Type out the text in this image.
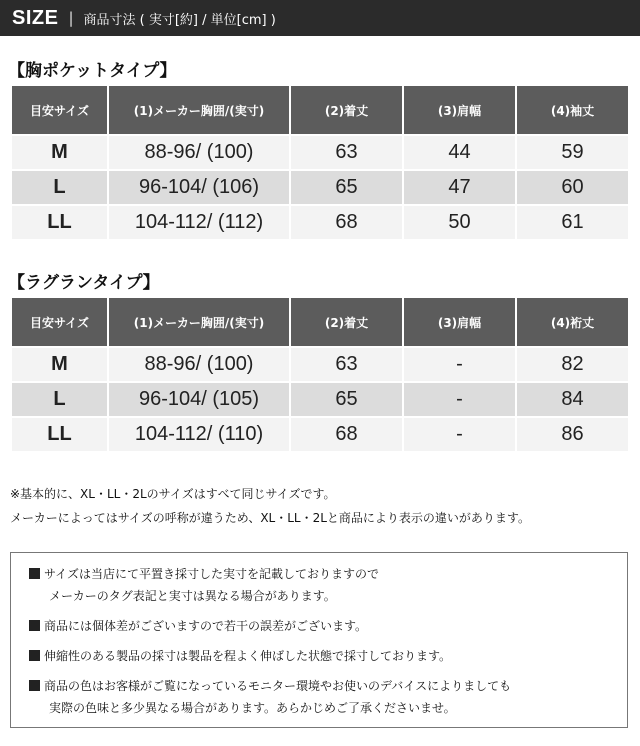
SIZE | 商品寸法 ( 実寸[約] / 単位[cm] )
【胸ポケットタイプ】
目安サイズ	(1)メーカー胸囲/(実寸)	(2)着丈	(3)肩幅	(4)袖丈
M	88-96/ (100)	63	44	59
L	96-104/ (106)	65	47	60
LL	104-112/ (112)	68	50	61
【ラグランタイプ】
目安サイズ	(1)メーカー胸囲/(実寸)	(2)着丈	(3)肩幅	(4)裄丈
M	88-96/ (100)	63	-	82
L	96-104/ (105)	65	-	84
LL	104-112/ (110)	68	-	86

※基本的に、XL・LL・2Lのサイズはすべて同じサイズです。

メーカーによってはサイズの呼称が違うため、XL・LL・2Lと商品により表示の違いがあります。

サイズは当店にて平置き採寸した実寸を記載しておりますので
メーカーのタグ表記と実寸は異なる場合があります。
商品には個体差がございますので若干の誤差がございます。
伸縮性のある製品の採寸は製品を程よく伸ばした状態で採寸しております。
商品の色はお客様がご覧になっているモニター環境やお使いのデバイスによりましても
実際の色味と多少異なる場合があります。あらかじめご了承くださいませ。
